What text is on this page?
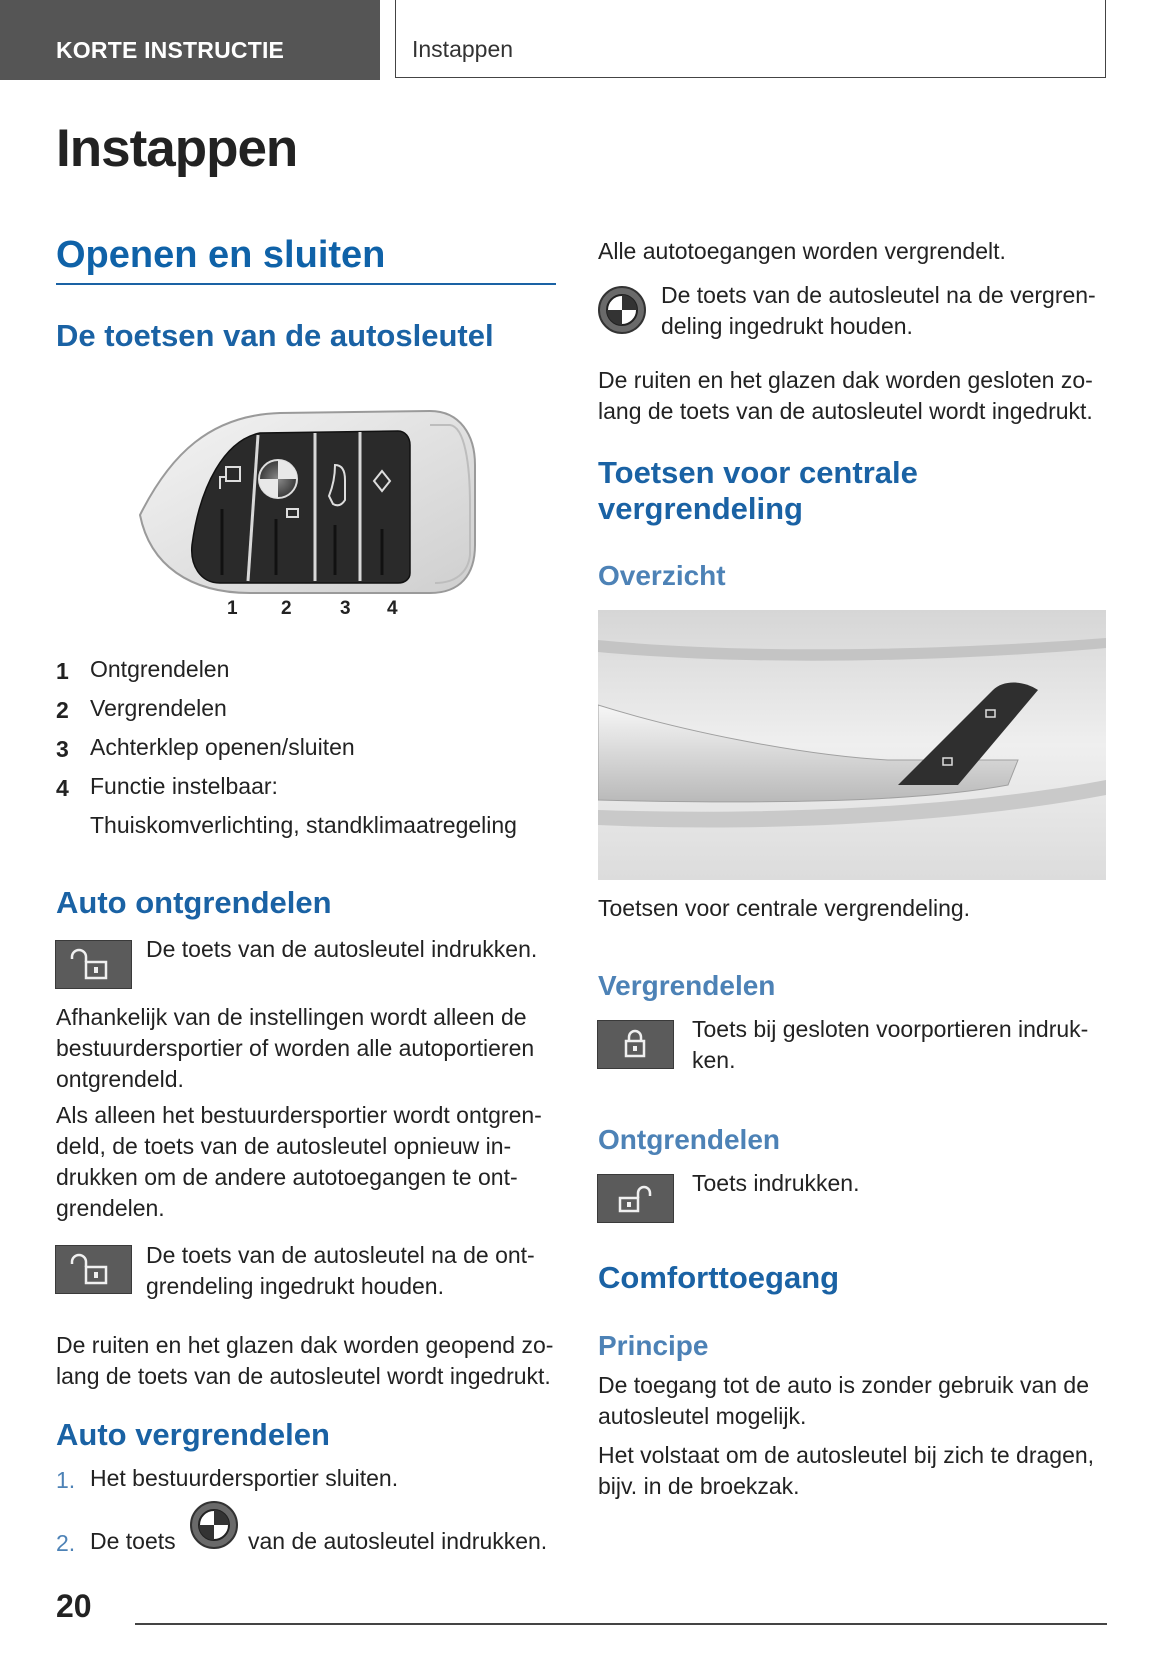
KORTE INSTRUCTIE	Instappen
Instappen
Openen en sluiten
De toetsen van de autosleutel
1 2	3 4
1 Ontgrendelen
2 Vergrendelen
3 Achterklep openen/sluiten
4 Functie instelbaar:
Thuiskomverlichting, standklimaatregeling
Auto ontgrendelen

De toets van de autosleutel indrukken.

Afhankelijk van de instellingen wordt alleen de
bestuurdersportier of worden alle autoportieren
ontgrendeld.
Als alleen het bestuurdersportier wordt ontgren-
deld, de toets van de autosleutel opnieuw in-
drukken om de andere autotoegangen te ont-
grendelen.
De toets van de autosleutel na de ont-
grendeling ingedrukt houden.
De ruiten en het glazen dak worden geopend zo-
lang de toets van de autosleutel wordt ingedrukt.
Auto vergrendelen
1. Het bestuurdersportier sluiten.
2. De toets	van de autosleutel indrukken.

Alle autotoegangen worden vergrendelt.

De toets van de autosleutel na de vergren-
deling ingedrukt houden.
De ruiten en het glazen dak worden gesloten zo-
lang de toets van de autosleutel wordt ingedrukt.
Toetsen voor centrale
vergrendeling
Overzicht

Toetsen voor centrale vergrendeling.

Vergrendelen
Toets bij gesloten voorportieren indruk-
ken.
Ontgrendelen

Toets indrukken.

Comforttoegang
Principe
De toegang tot de auto is zonder gebruik van de
autosleutel mogelijk.
Het volstaat om de autosleutel bij zich te dragen,
bijv. in de broekzak.
20
